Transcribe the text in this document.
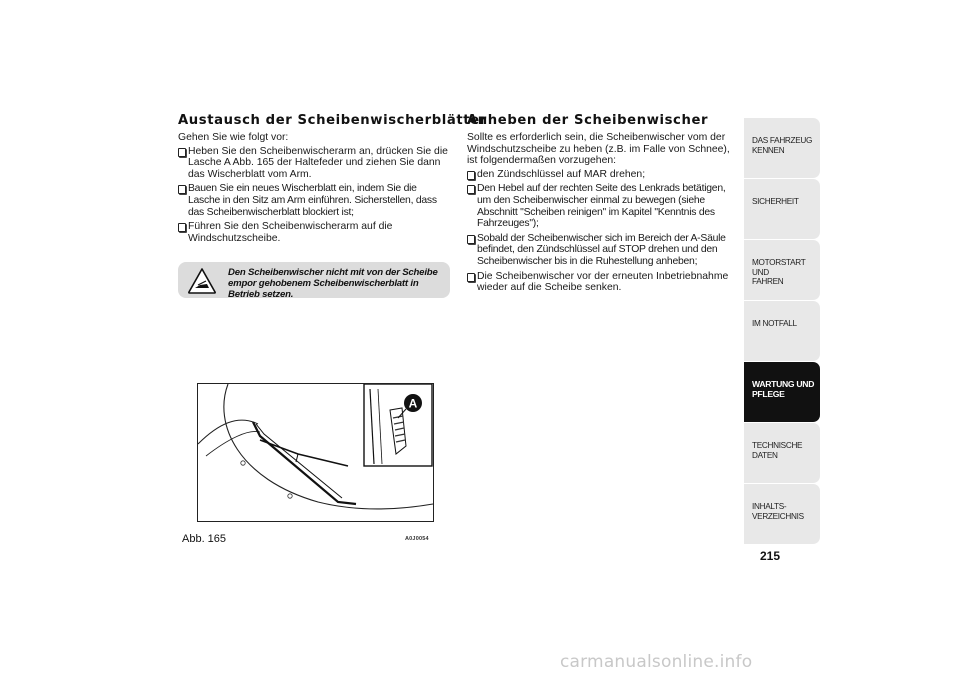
Austausch der Scheibenwischerblätter

Gehen Sie wie folgt vor:

Heben Sie den Scheibenwischerarm an, drücken Sie die Lasche A Abb. 165 der Haltefeder und ziehen Sie dann das Wischerblatt vom Arm.
Bauen Sie ein neues Wischerblatt ein, indem Sie die Lasche in den Sitz am Arm einführen. Sicherstellen, dass das Scheibenwischerblatt blockiert ist;
Führen Sie den Scheibenwischerarm auf die Windschutzscheibe.
Den Scheibenwischer nicht mit von der Scheibe empor gehobenem Scheibenwischerblatt in Betrieb setzen.
A
Abb. 165	A0J0054
Anheben der Scheibenwischer

Sollte es erforderlich sein, die Scheibenwischer vom der Windschutzscheibe zu heben (z.B. im Falle von Schnee), ist folgendermaßen vorzugehen:

den Zündschlüssel auf MAR drehen;
Den Hebel auf der rechten Seite des Lenkrads betätigen, um den Scheibenwischer einmal zu bewegen (siehe Abschnitt "Scheiben reinigen" im Kapitel "Kenntnis des Fahrzeuges");
Sobald der Scheibenwischer sich im Bereich der A-Säule befindet, den Zündschlüssel auf STOP drehen und den Scheibenwischer bis in die Ruhestellung anheben;
Die Scheibenwischer vor der erneuten Inbetriebnahme wieder auf die Scheibe senken.
DAS FAHRZEUG
KENNEN
SICHERHEIT
MOTORSTART UND
FAHREN
IM NOTFALL
WARTUNG UND
PFLEGE
TECHNISCHE DATEN
INHALTS-
VERZEICHNIS
215
carmanualsonline.info
